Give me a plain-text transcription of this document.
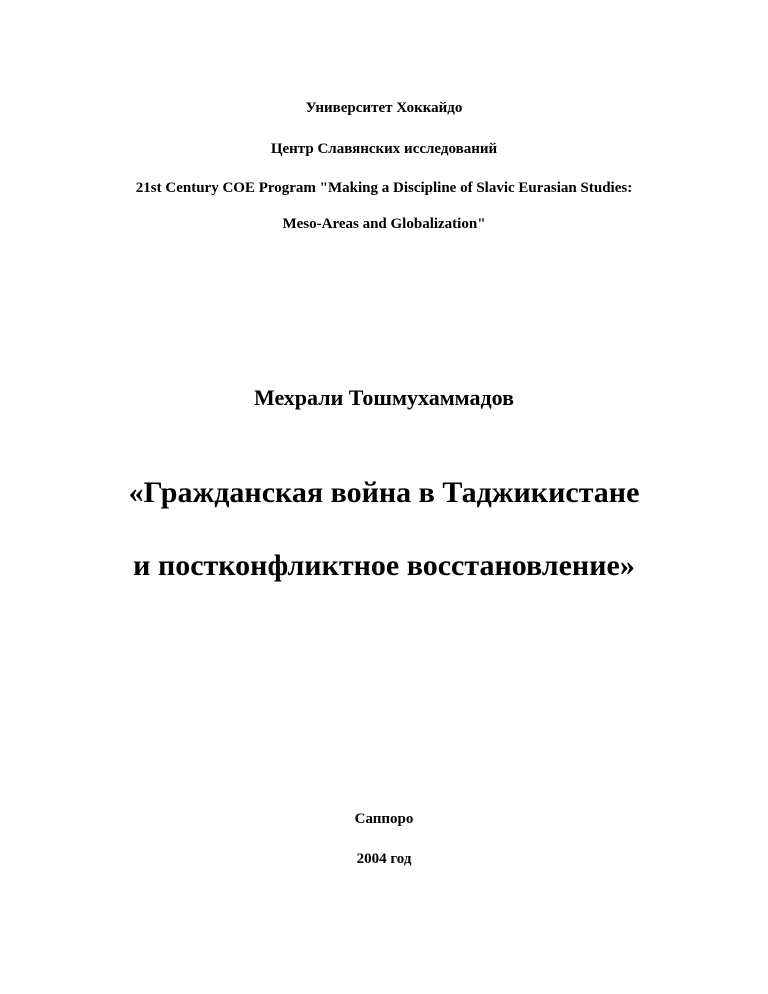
Университет Хоккайдо
Центр Славянских исследований
21st Century COE Program "Making a Discipline of Slavic Eurasian Studies:
Meso-Areas and Globalization"
Мехрали Тошмухаммадов
«Гражданская война в Таджикистане
и постконфликтное восстановление»
Саппоро
2004 год
